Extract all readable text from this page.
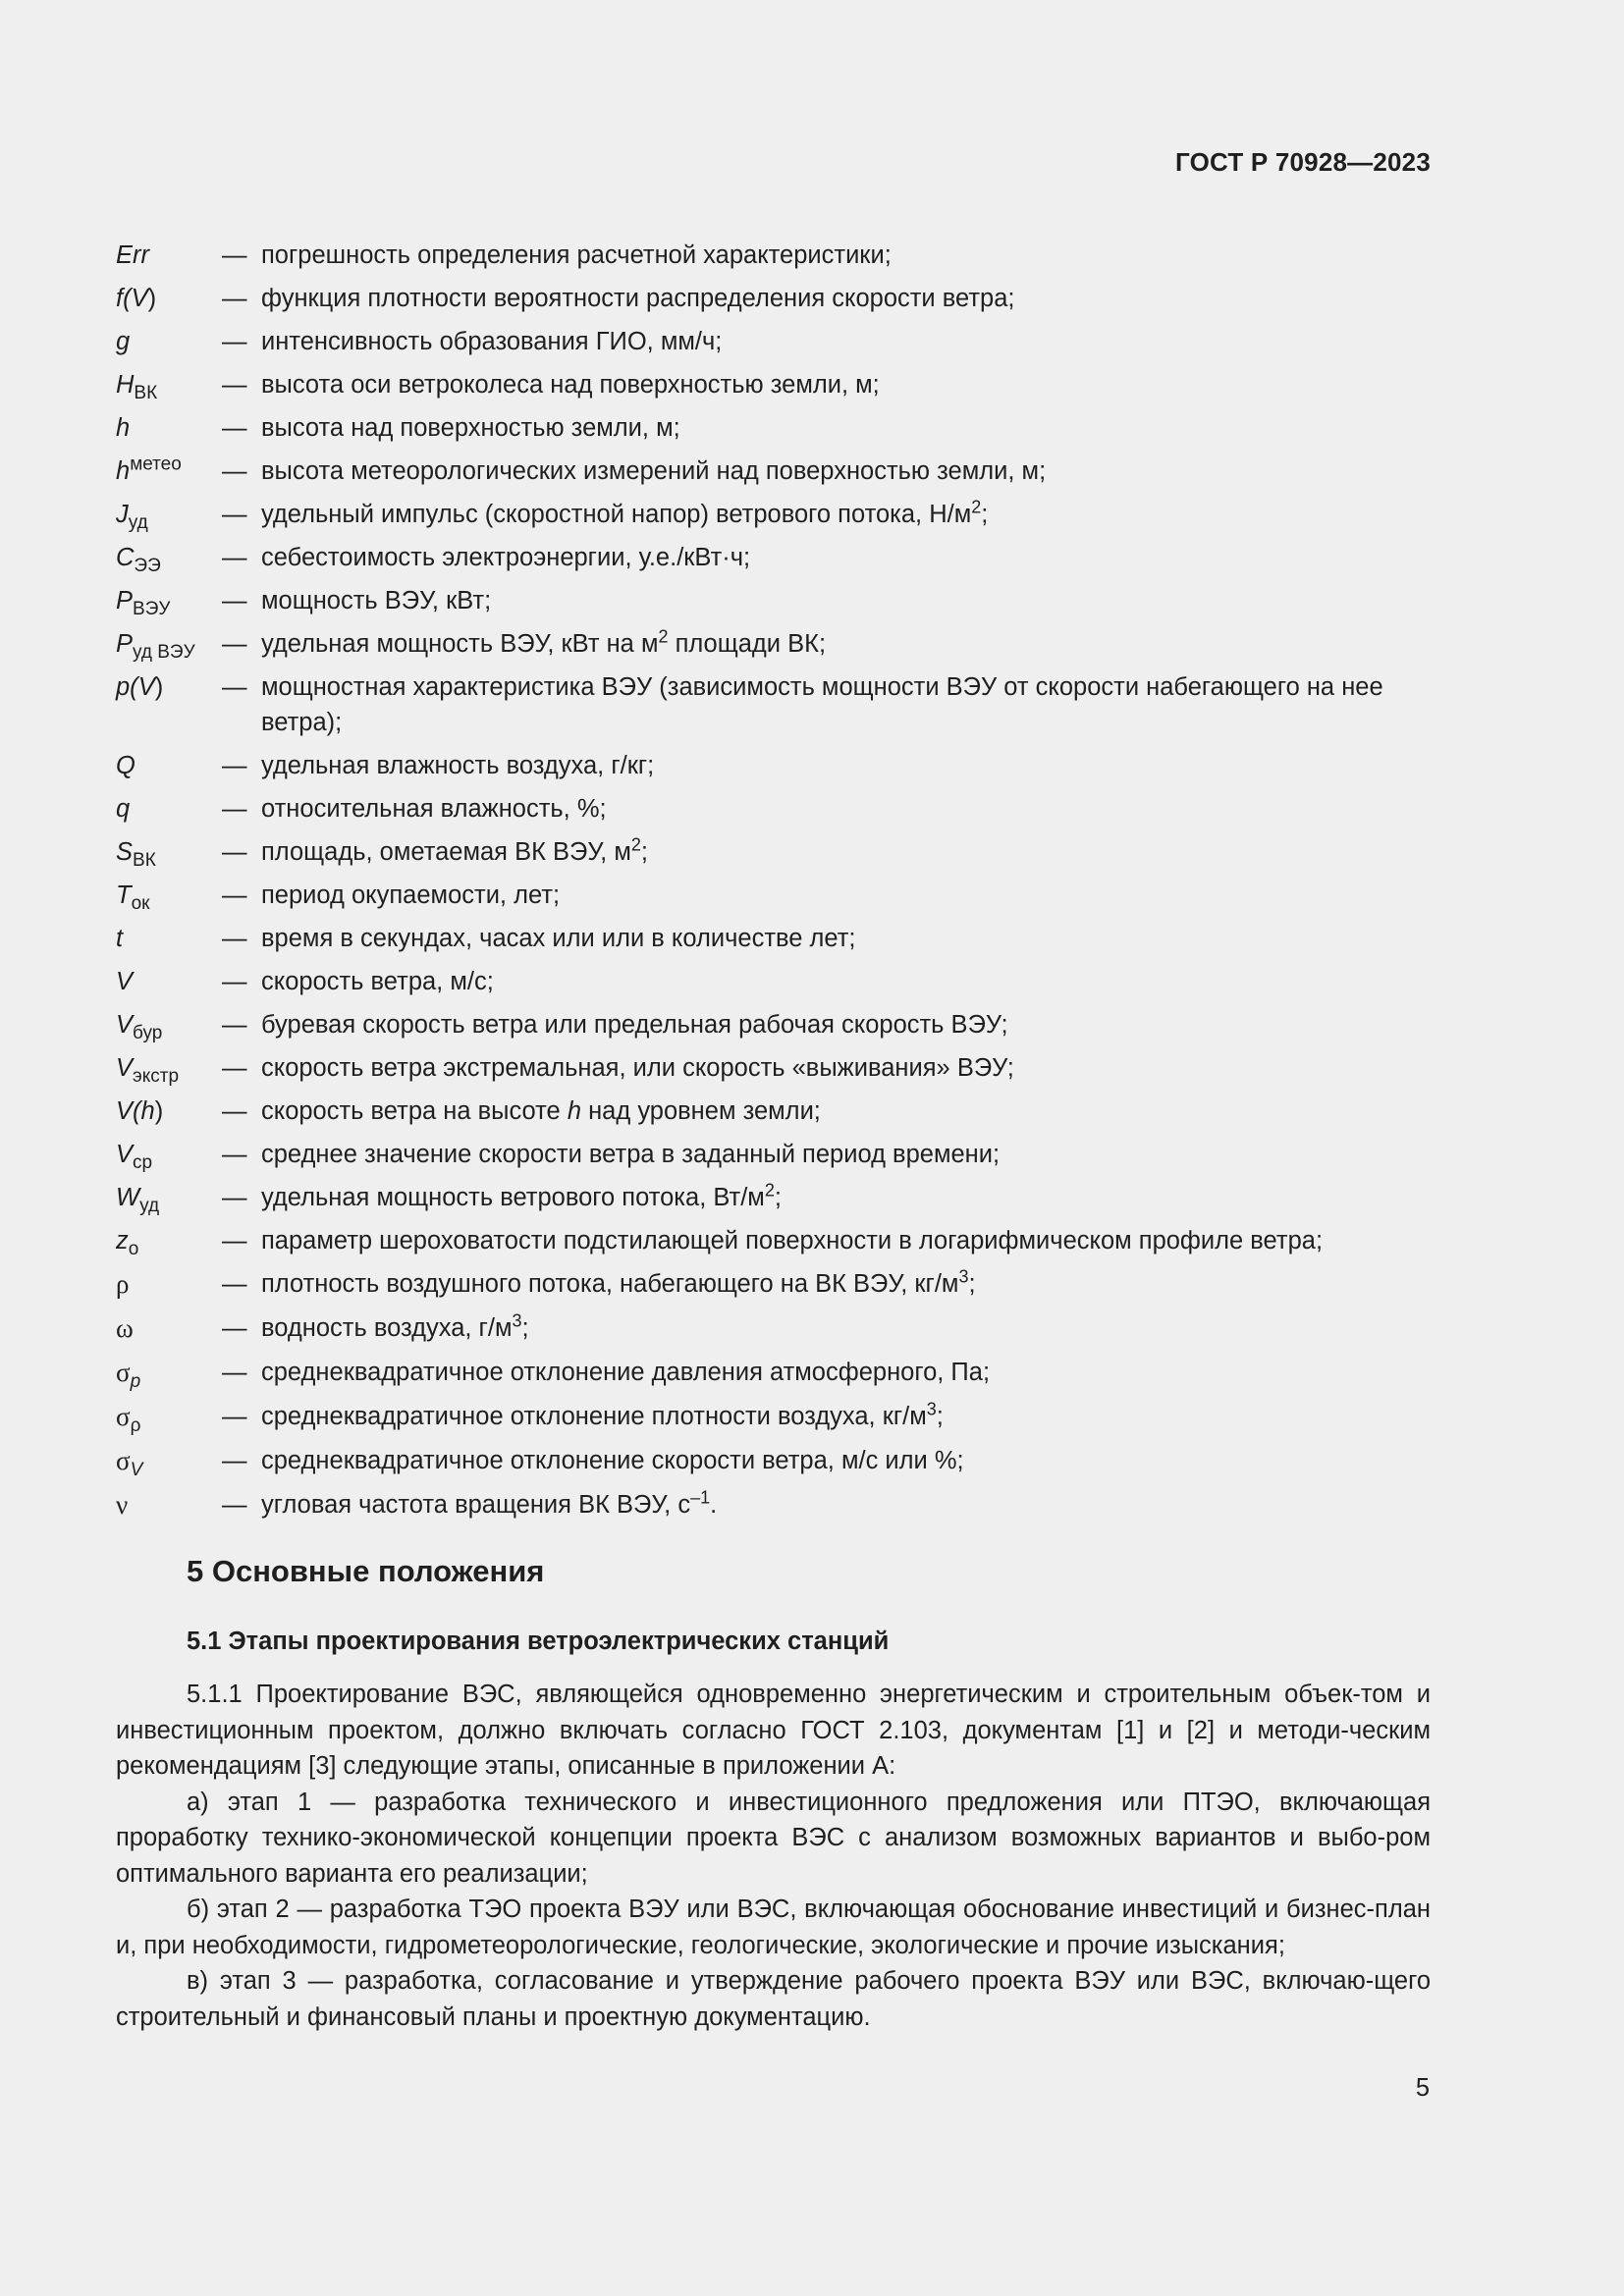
ГОСТ Р 70928—2023
Err	— погрешность определения расчетной характеристики;
f(V)	— функция плотности вероятности распределения скорости ветра;
g	— интенсивность образования ГИО, мм/ч;
$H_{ВК}$	— высота оси ветроколеса над поверхностью земли, м;
h	— высота над поверхностью земли, м;
$h^{метео}$	— высота метеорологических измерений над поверхностью земли, м;
$J_{уд}$	— удельный импульс (скоростной напор) ветрового потока, $Н/м^2$;
$C_{ЭЭ}$	— себестоимость электроэнергии, у.е./кВт·ч;
$P_{ВЭУ}$	— мощность ВЭУ, кВт;
$P_{уд ВЭУ}$	— удельная мощность ВЭУ, кВт на $м^2$ площади ВК;
p(V)	— мощностная характеристика ВЭУ (зависимость мощности ВЭУ от скорости набегающего на нее ветра);
Q	— удельная влажность воздуха, г/кг;
q	— относительная влажность, %;
$S_{ВК}$	— площадь, ометаемая ВК ВЭУ, $м^2$;
$T_{ок}$	— период окупаемости, лет;
t	— время в секундах, часах или или в количестве лет;
V	— скорость ветра, м/с;
$V_{бур}$	— буревая скорость ветра или предельная рабочая скорость ВЭУ;
$V_{экстр}$	— скорость ветра экстремальная, или скорость «выживания» ВЭУ;
V(h)	— скорость ветра на высоте h над уровнем земли;
$V_{ср}$	— среднее значение скорости ветра в заданный период времени;
$W_{уд}$	— удельная мощность ветрового потока, $Вт/м^2$;
$z_о$	— параметр шероховатости подстилающей поверхности в логарифмическом профиле ветра;
ρ	— плотность воздушного потока, набегающего на ВК ВЭУ, $кг/м^3$;
ω	— водность воздуха, $г/м^3$;
$\sigma_p$	— среднеквадратичное отклонение давления атмосферного, Па;
$\sigma_\rho$	— среднеквадратичное отклонение плотности воздуха, $кг/м^3$;
$\sigma_V$	— среднеквадратичное отклонение скорости ветра, м/с или %;
ν	— угловая частота вращения ВК ВЭУ, $с^{-1}$.
5 Основные положения
5.1 Этапы проектирования ветроэлектрических станций

5.1.1 Проектирование ВЭС, являющейся одновременно энергетическим и строительным объек-том и инвестиционным проектом, должно включать согласно ГОСТ 2.103, документам [1] и [2] и методи-ческим рекомендациям [3] следующие этапы, описанные в приложении А:

а) этап 1 — разработка технического и инвестиционного предложения или ПТЭО, включающая проработку технико-экономической концепции проекта ВЭС с анализом возможных вариантов и выбо-ром оптимального варианта его реализации;

б) этап 2 — разработка ТЭО проекта ВЭУ или ВЭС, включающая обоснование инвестиций и бизнес-план и, при необходимости, гидрометеорологические, геологические, экологические и прочие изыскания;

в) этап 3 — разработка, согласование и утверждение рабочего проекта ВЭУ или ВЭС, включаю-щего строительный и финансовый планы и проектную документацию.

5
